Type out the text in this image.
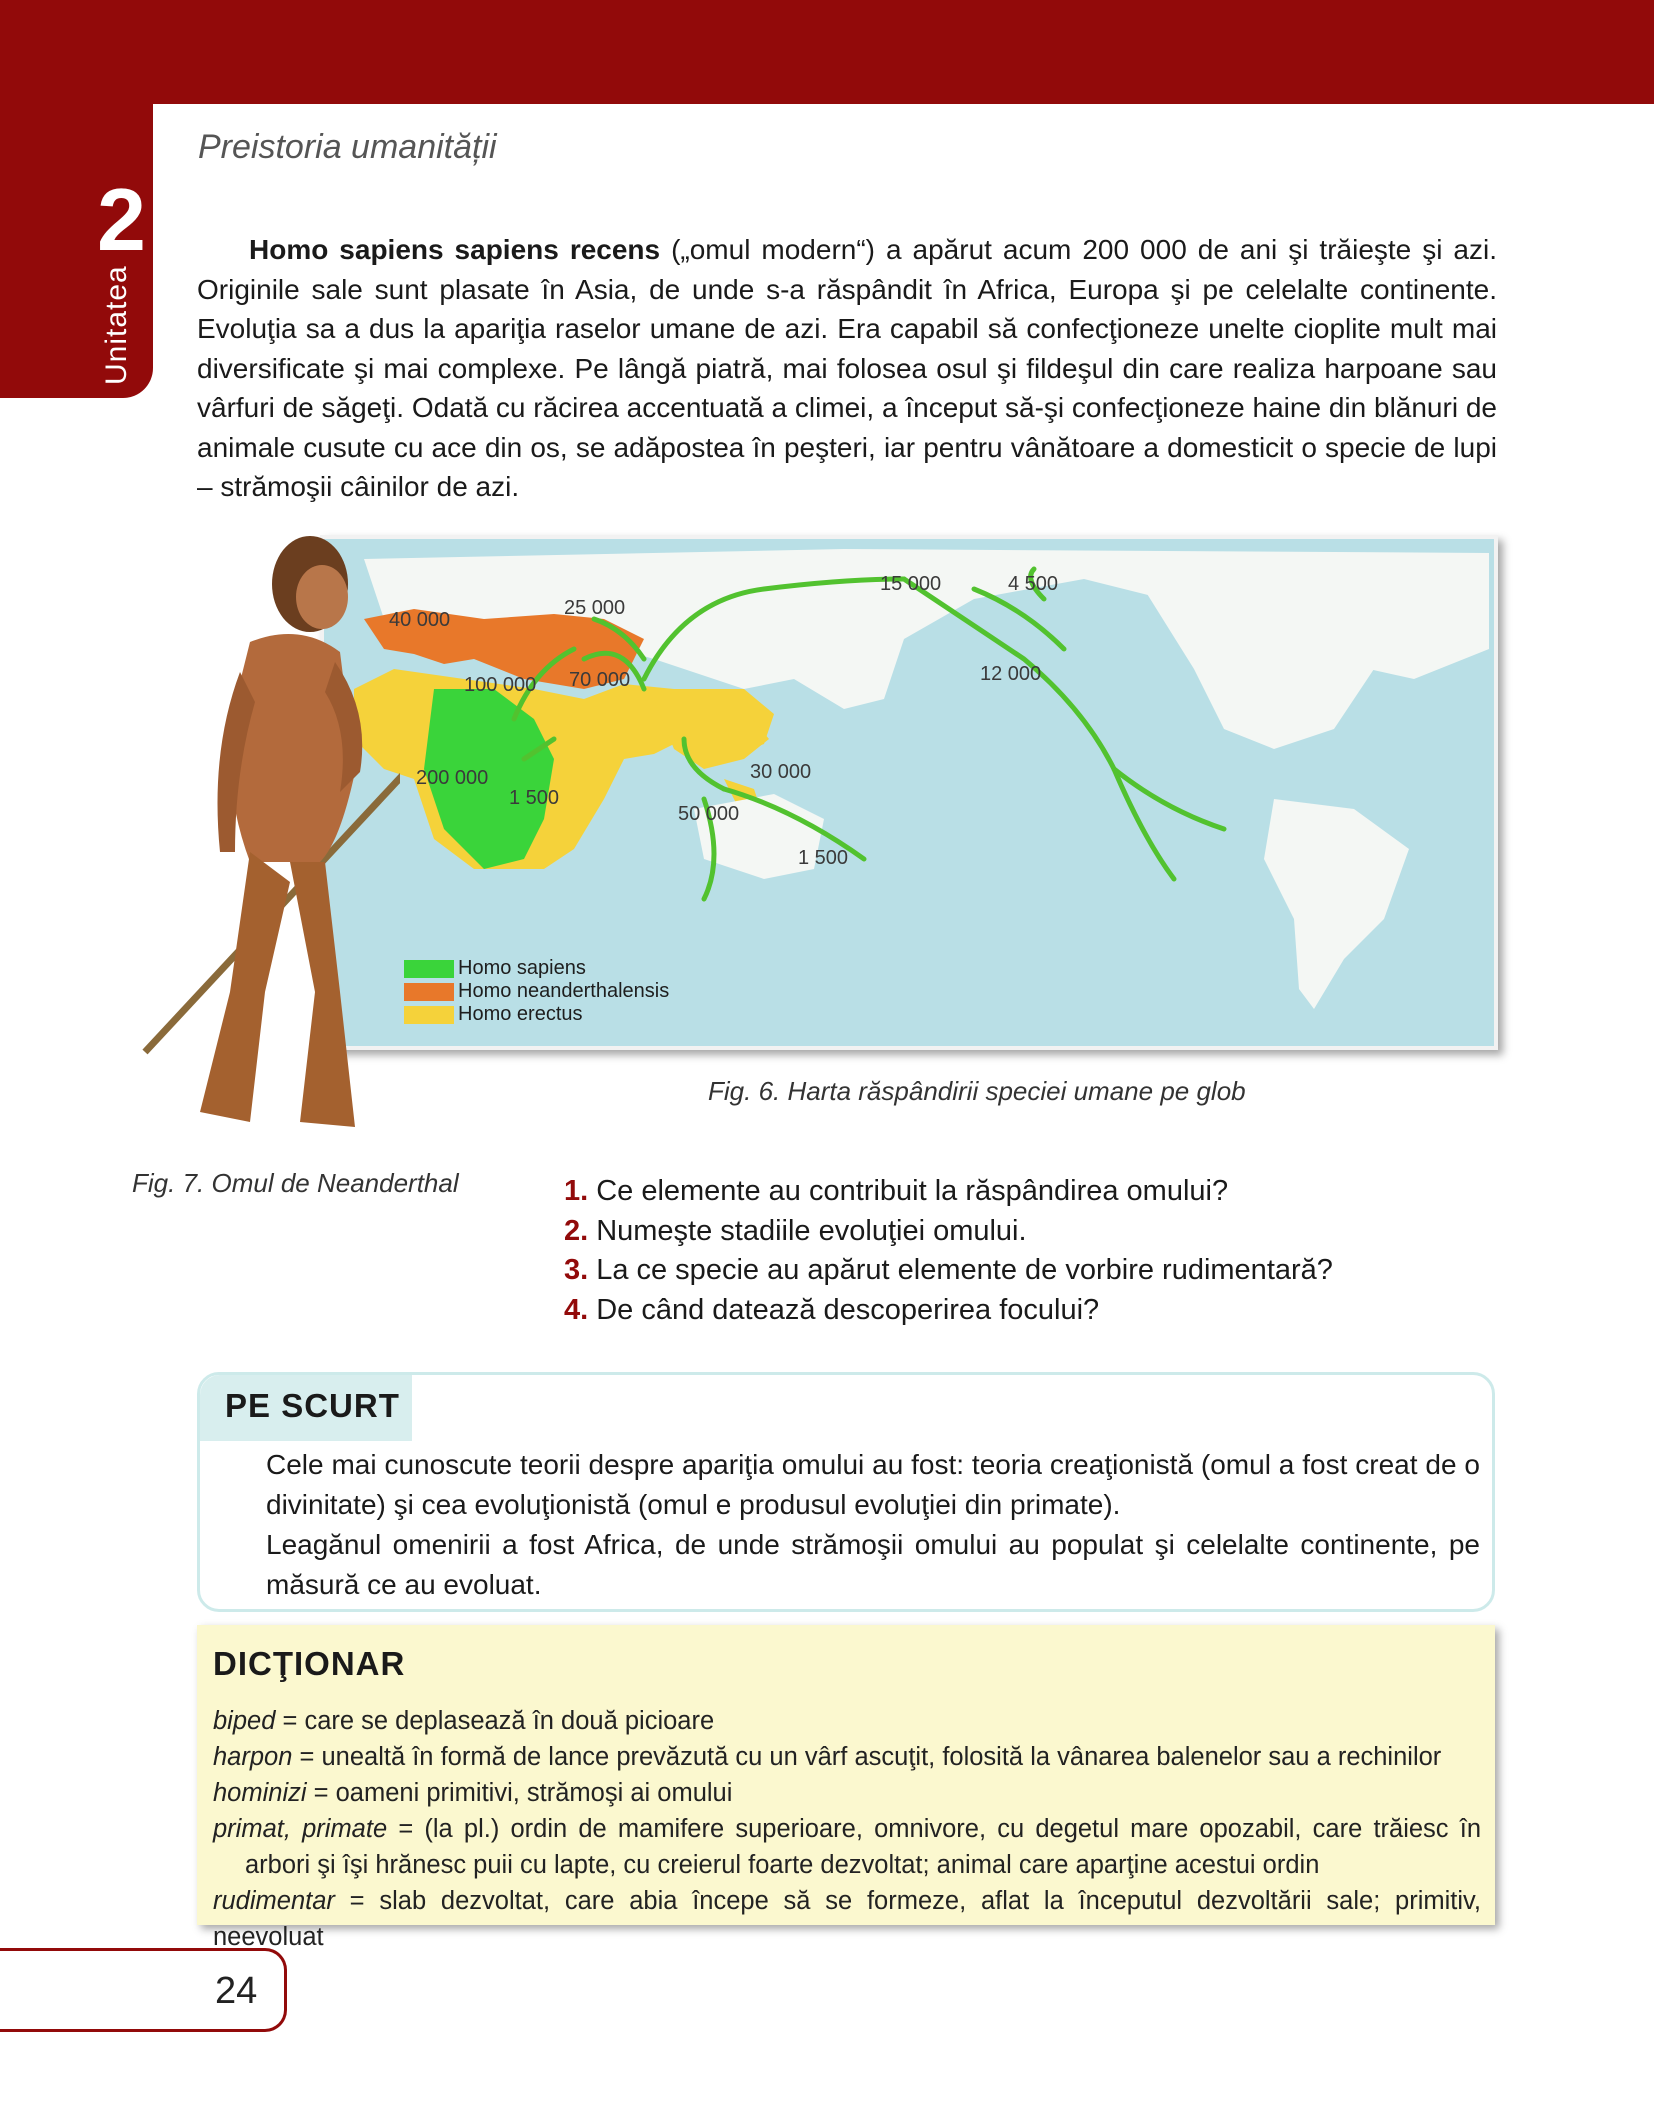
2
Unitatea
Preistoria umanității
Homo sapiens sapiens recens („omul modern“) a apărut acum 200 000 de ani şi trăieşte şi azi. Originile sale sunt plasate în Asia, de unde s-a răspândit în Africa, Europa şi pe celelalte continente. Evoluţia sa a dus la apariţia raselor umane de azi. Era capabil să confecţioneze unelte cioplite mult mai diversificate şi mai complexe. Pe lângă piatră, mai folosea osul şi fildeşul din care realiza harpoane sau vârfuri de săgeţi. Odată cu răcirea accentuată a climei, a început să-şi confecţioneze haine din blănuri de animale cusute cu ace din os, se adăpostea în peşteri, iar pentru vânătoare a domesticit o specie de lupi – strămoşii câinilor de azi.
40 000
25 000
15 000	4 500
100 000 70 000	12 000
200 000
1 500
30 000
50 000
1 500
Homo sapiens
Homo neanderthalensis
Homo erectus
Fig. 6. Harta răspândirii speciei umane pe glob
Fig. 7. Omul de Neanderthal	1. Ce elemente au contribuit la răspândirea omului?
2. Numeşte stadiile evoluţiei omului.
3. La ce specie au apărut elemente de vorbire rudimentară?
4. De când datează descoperirea focului?
PE SCURT
Cele mai cunoscute teorii despre apariţia omului au fost: teoria creaţionistă (omul a fost creat de o divinitate) şi cea evoluţionistă (omul e produsul evoluţiei din primate).
Leagănul omenirii a fost Africa, de unde strămoşii omului au populat şi celelalte continente, pe măsură ce au evoluat.
DICŢIONAR
biped = care se deplasează în două picioare
harpon = unealtă în formă de lance prevăzută cu un vârf ascuţit, folosită la vânarea balenelor sau a rechinilor
hominizi = oameni primitivi, strămoşi ai omului
primat, primate = (la pl.) ordin de mamifere superioare, omnivore, cu degetul mare opozabil, care trăiesc în arbori şi îşi hrănesc puii cu lapte, cu creierul foarte dezvoltat; animal care aparţine acestui ordin
rudimentar = slab dezvoltat, care abia începe să se formeze, aflat la începutul dezvoltării sale; primitiv, neevoluat
24
